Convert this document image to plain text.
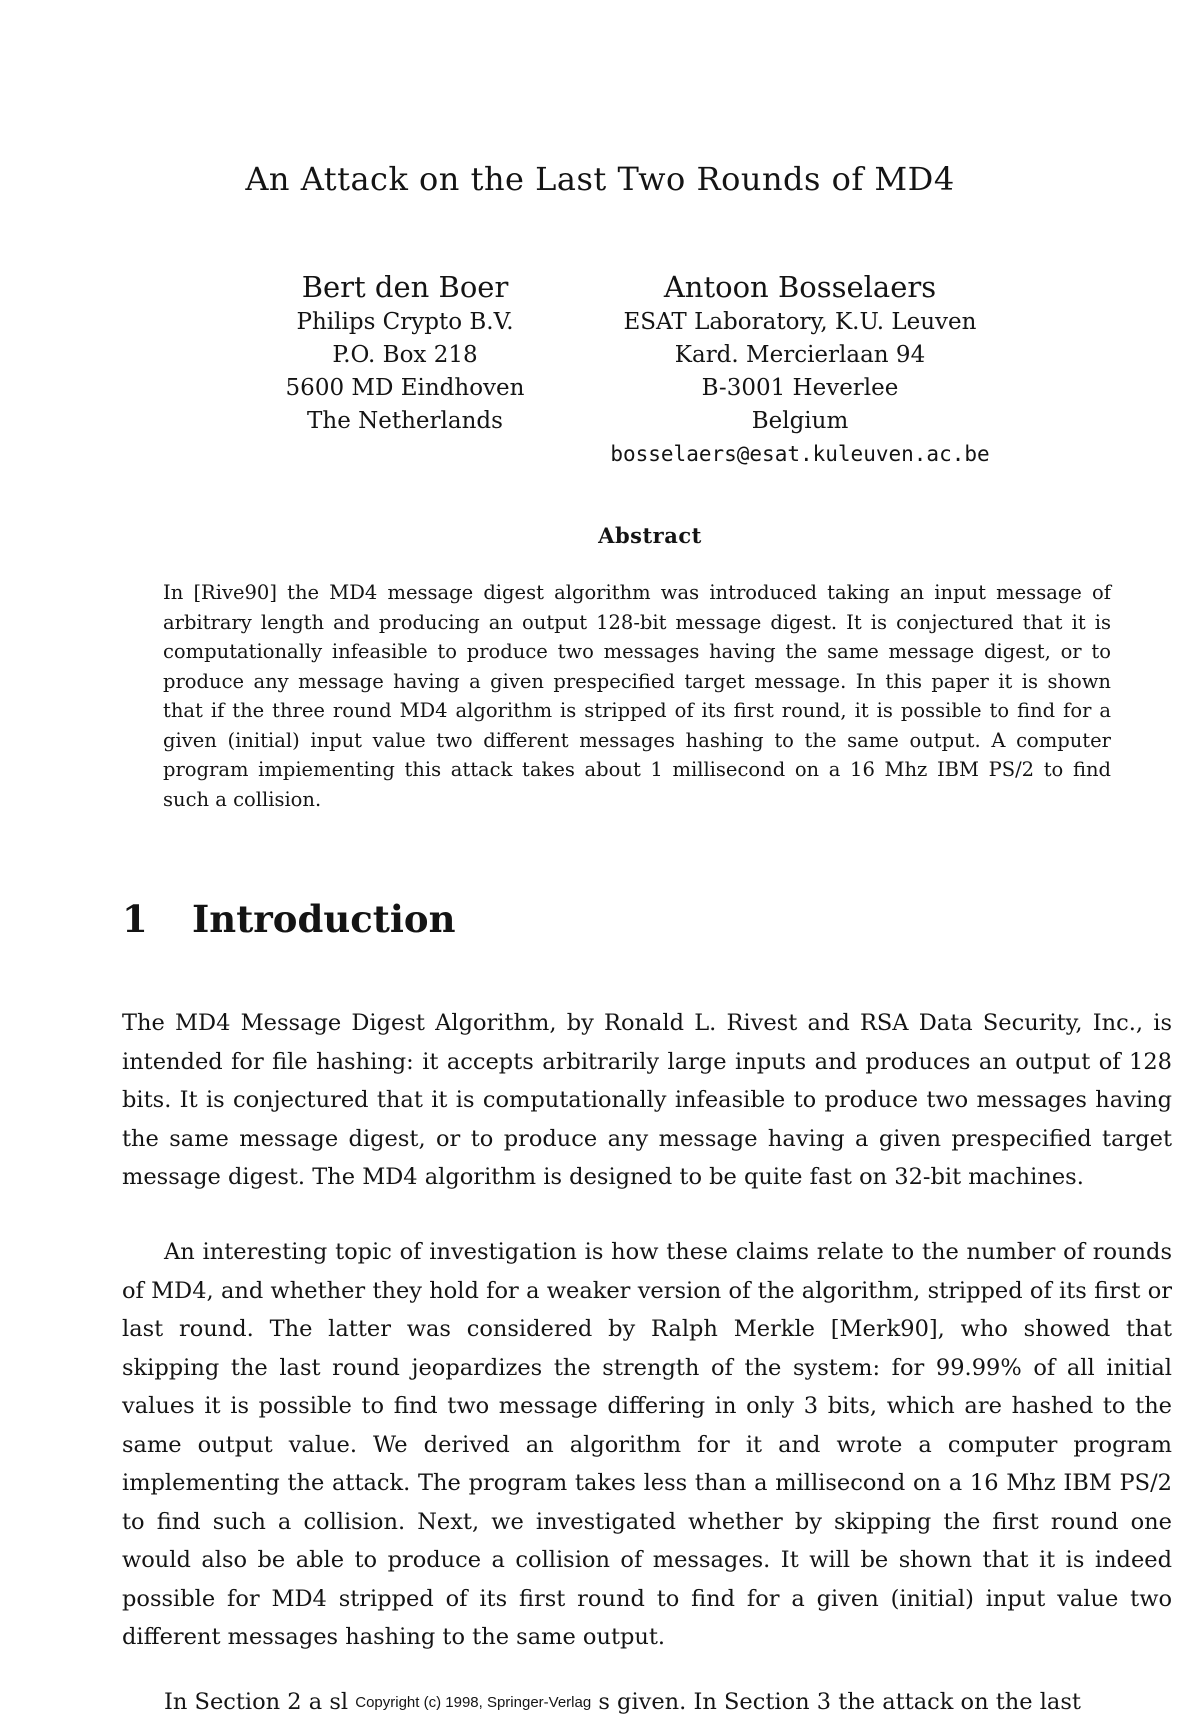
An Attack on the Last Two Rounds of MD4
Bert den Boer
Philips Crypto B.V.
P.O. Box 218
5600 MD Eindhoven
The Netherlands
Antoon Bosselaers
ESAT Laboratory, K.U. Leuven
Kard. Mercierlaan 94
B-3001 Heverlee
Belgium
bosselaers@esat.kuleuven.ac.be
Abstract
In [Rive90] the MD4 message digest algorithm was introduced taking an input message of arbitrary length and producing an output 128-bit message digest. It is conjectured that it is computationally infeasible to produce two messages having the same message digest, or to produce any message having a given prespecified target message. In this paper it is shown that if the three round MD4 algorithm is stripped of its first round, it is possible to find for a given (initial) input value two different messages hashing to the same output. A computer program impiementing this attack takes about 1 millisecond on a 16 Mhz IBM PS/2 to find such a collision.
1 Introduction
The MD4 Message Digest Algorithm, by Ronald L. Rivest and RSA Data Security, Inc., is intended for file hashing: it accepts arbitrarily large inputs and produces an output of 128 bits. It is conjectured that it is computationally infeasible to produce two messages having the same message digest, or to produce any message having a given prespecified target message digest. The MD4 algorithm is designed to be quite fast on 32-bit machines.
An interesting topic of investigation is how these claims relate to the number of rounds of MD4, and whether they hold for a weaker version of the algorithm, stripped of its first or last round. The latter was considered by Ralph Merkle [Merk90], who showed that skipping the last round jeopardizes the strength of the system: for 99.99% of all initial values it is possible to find two message differing in only 3 bits, which are hashed to the same output value. We derived an algorithm for it and wrote a computer program implementing the attack. The program takes less than a millisecond on a 16 Mhz IBM PS/2 to find such a collision. Next, we investigated whether by skipping the first round one would also be able to produce a collision of messages. It will be shown that it is indeed possible for MD4 stripped of its first round to find for a given (initial) input value two different messages hashing to the same output.
In Section 2 a sl Copyright (c) 1998, Springer-Verlag s given. In Section 3 the attack on the last
